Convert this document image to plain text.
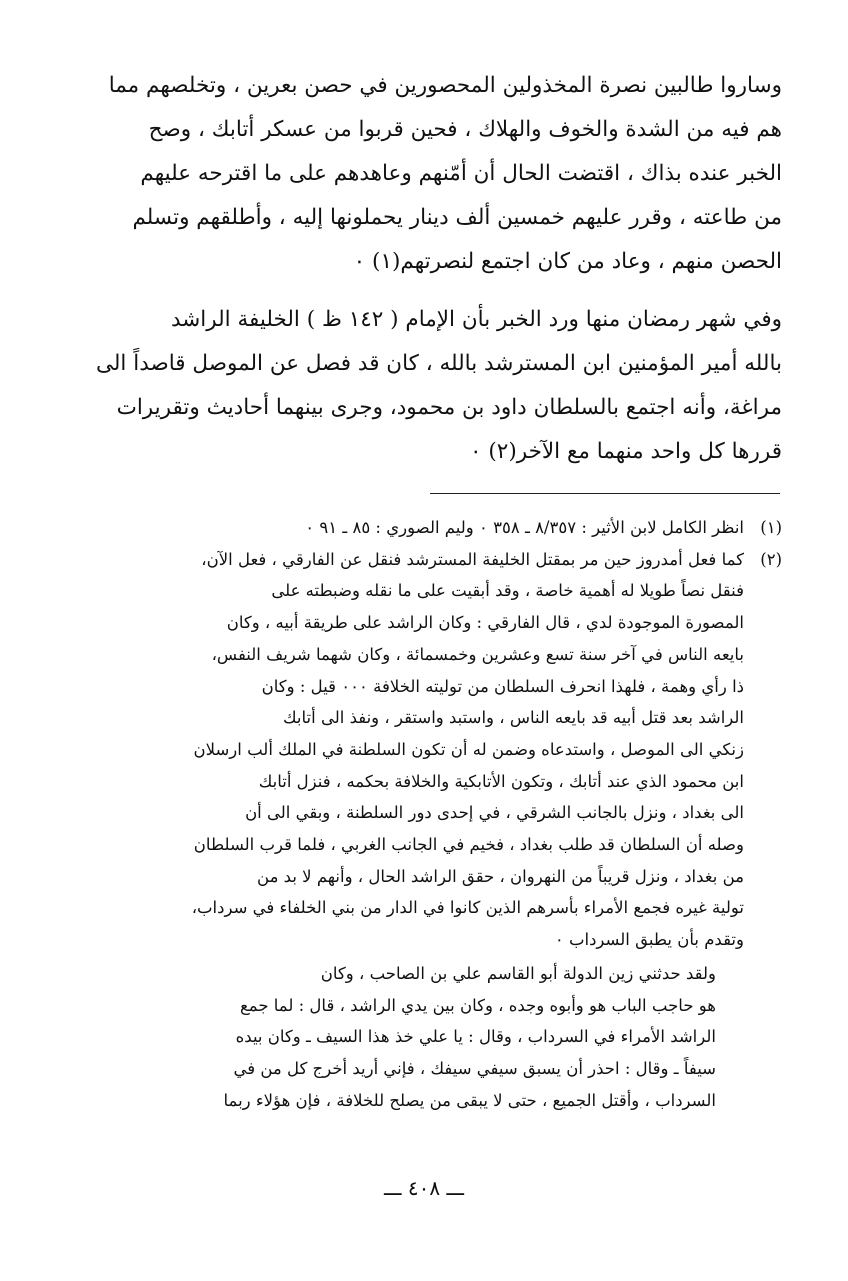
وساروا طالبين نصرة المخذولين المحصورين في حصن بعرين ، وتخلصهم مما
هم فيه من الشدة والخوف والهلاك ، فحين قربوا من عسكر أتابك ، وصح
الخبر عنده بذاك ، اقتضت الحال أن أمّنهم وعاهدهم على ما اقترحه عليهم
من طاعته ، وقرر عليهم خمسين ألف دينار يحملونها إليه ، وأطلقهم وتسلم
الحصن منهم ، وعاد من كان اجتمع لنصرتهم(١) ٠

وفي شهر رمضان منها ورد الخبر بأن الإمام ( ١٤٢ ظ ) الخليفة الراشد
بالله أمير المؤمنين ابن المسترشد بالله ، كان قد فصل عن الموصل قاصداً الى
مراغة، وأنه اجتمع بالسلطان داود بن محمود، وجرى بينهما أحاديث وتقريرات
قررها كل واحد منهما مع الآخر(٢) ٠

(١)
انظر الكامل لابن الأثير : ٨/٣٥٧ ـ ٣٥٨ ٠ وليم الصوري : ٨٥ ـ ٩١ ٠
(٢)
كما فعل أمدروز حين مر بمقتل الخليفة المسترشد فنقل عن الفارقي ، فعل الآن،
فنقل نصاً طويلا له أهمية خاصة ، وقد أبقيت على ما نقله وضبطته على
المصورة الموجودة لدي ، قال الفارقي : وكان الراشد على طريقة أبيه ، وكان
بايعه الناس في آخر سنة تسع وعشرين وخمسمائة ، وكان شهما شريف النفس،
ذا رأي وهمة ، فلهذا انحرف السلطان من توليته الخلافة ٠٠٠ قيل : وكان
الراشد بعد قتل أبيه قد بايعه الناس ، واستبد واستقر ، ونفذ الى أتابك
زنكي الى الموصل ، واستدعاه وضمن له أن تكون السلطنة في الملك ألب ارسلان
ابن محمود الذي عند أتابك ، وتكون الأتابكية والخلافة بحكمه ، فنزل أتابك
الى بغداد ، ونزل بالجانب الشرقي ، في إحدى دور السلطنة ، وبقي الى أن
وصله أن السلطان قد طلب بغداد ، فخيم في الجانب الغربي ، فلما قرب السلطان
من بغداد ، ونزل قريباً من النهروان ، حقق الراشد الحال ، وأنهم لا بد من
تولية غيره فجمع الأمراء بأسرهم الذين كانوا في الدار من بني الخلفاء في سرداب،
وتقدم بأن يطبق السرداب ٠
ولقد حدثني زين الدولة أبو القاسم علي بن الصاحب ، وكان
هو حاجب الباب هو وأبوه وجده ، وكان بين يدي الراشد ، قال : لما جمع
الراشد الأمراء في السرداب ، وقال : يا علي خذ هذا السيف ـ وكان بيده
سيفاً ـ وقال : احذر أن يسبق سيفي سيفك ، فإني أريد أخرج كل من في
السرداب ، وأقتل الجميع ، حتى لا يبقى من يصلح للخلافة ، فإن هؤلاء ربما
ـــ ٤٠٨ ـــ
